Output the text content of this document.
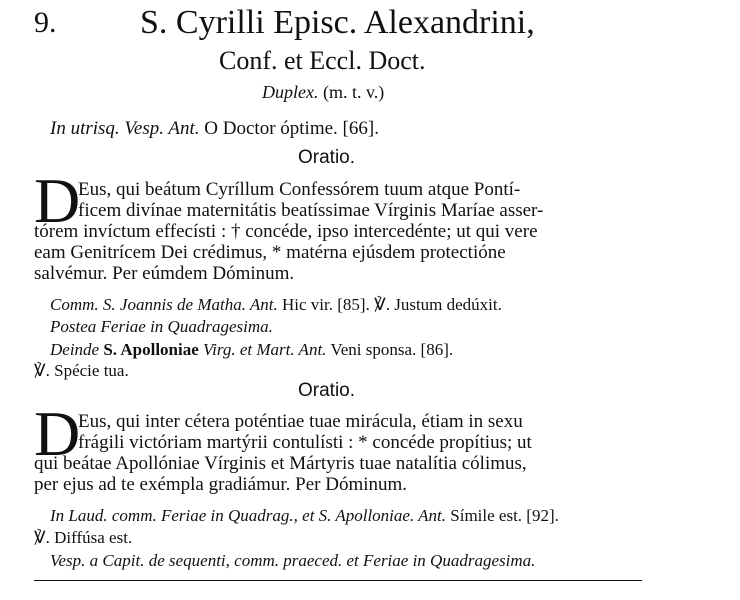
9. S. Cyrilli Episc. Alexandrini,
Conf. et Eccl. Doct.
Duplex. (m. t. v.)
In utrisq. Vesp. Ant. O Doctor óptime. [66].
Oratio.
D
Eus, qui beátum Cyríllum Confessórem tuum atque Pontí-
ficem divínae maternitátis beatíssimae Vírginis Maríae asser-
tórem invíctum effecísti : † concéde, ipso intercedénte; ut qui vere
eam Genitrícem Dei crédimus, * matérna ejúsdem protectióne
salvémur. Per eúmdem Dóminum.
Comm. S. Joannis de Matha. Ant. Hic vir. [85]. ℣. Justum dedúxit.
Postea Feriae in Quadragesima.
Deinde S. Apolloniae Virg. et Mart. Ant. Veni sponsa. [86].
℣. Spécie tua.
Oratio.
D
Eus, qui inter cétera poténtiae tuae mirácula, étiam in sexu
frágili victóriam martýrii contulísti : * concéde propítius; ut
qui beátae Apollóniae Vírginis et Mártyris tuae natalítia cólimus,
per ejus ad te exémpla gradiámur. Per Dóminum.
In Laud. comm. Feriae in Quadrag., et S. Apolloniae. Ant. Símile est. [92].
℣. Diffúsa est.
Vesp. a Capit. de sequenti, comm. praeced. et Feriae in Quadragesima.
